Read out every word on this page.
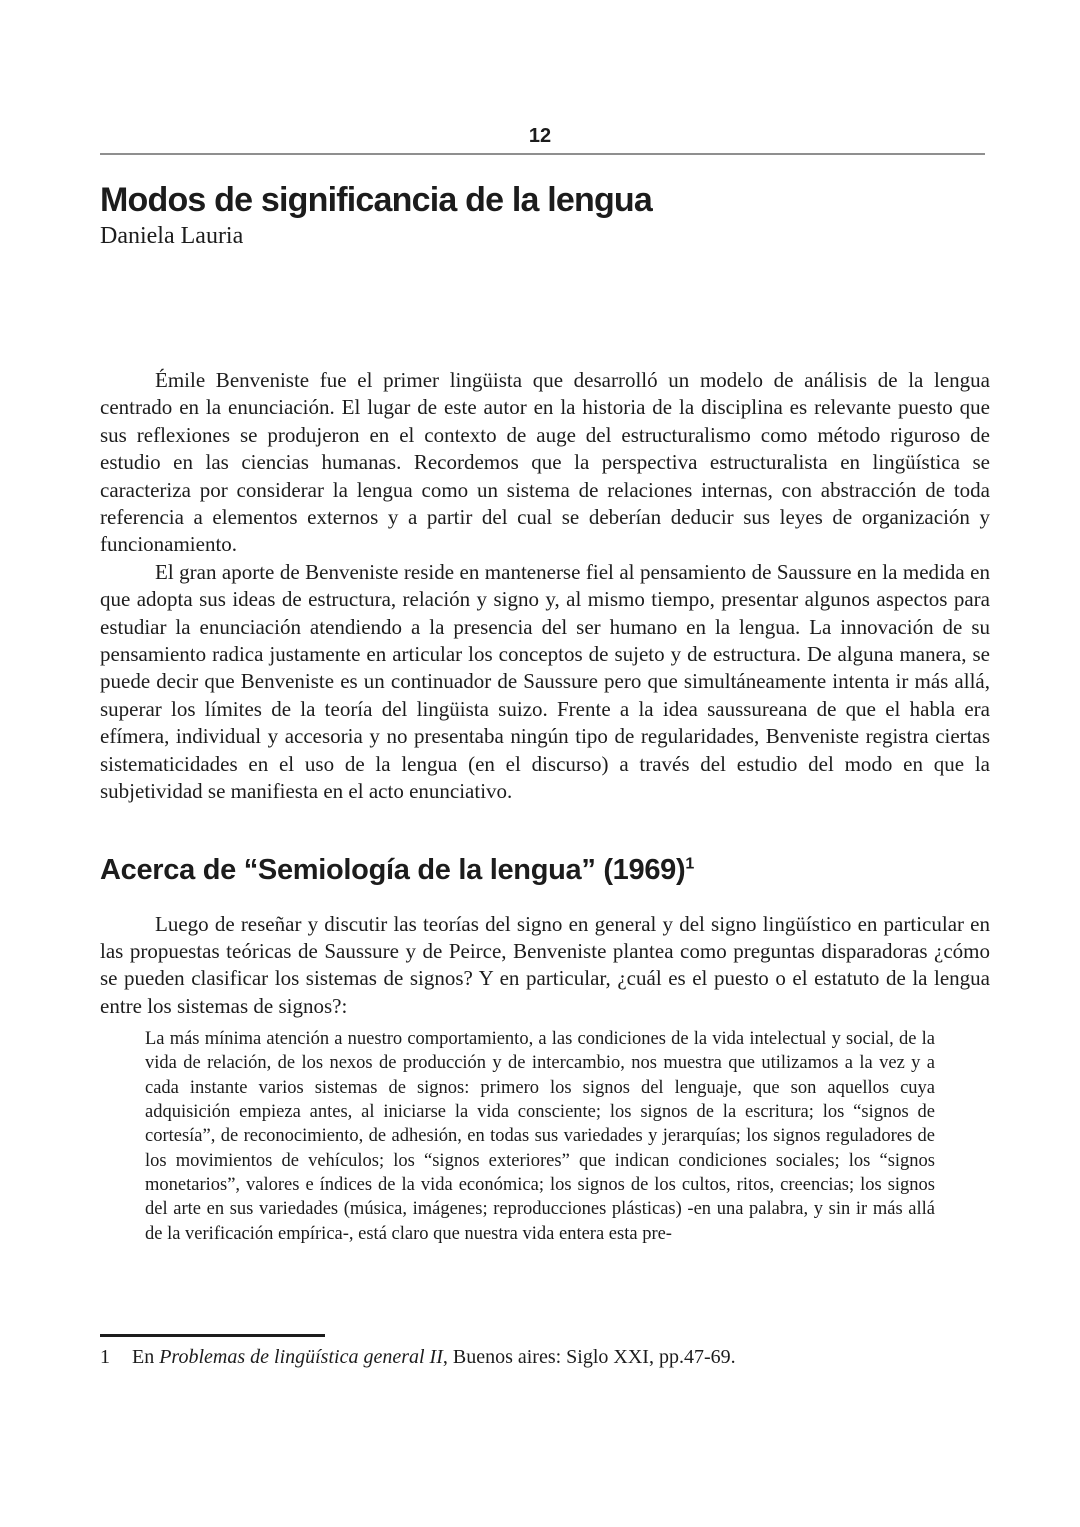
12
Modos de significancia de la lengua
Daniela Lauria

Émile Benveniste fue el primer lingüista que desarrolló un modelo de análisis de la lengua centrado en la enunciación. El lugar de este autor en la historia de la disciplina es relevante puesto que sus reflexiones se produjeron en el contexto de auge del estructuralismo como método riguroso de estudio en las ciencias humanas. Recordemos que la perspectiva estructuralista en lingüística se caracteriza por considerar la lengua como un sistema de relaciones internas, con abstracción de toda referencia a elementos externos y a partir del cual se deberían deducir sus leyes de organización y funcionamiento.

El gran aporte de Benveniste reside en mantenerse fiel al pensamiento de Saussure en la medida en que adopta sus ideas de estructura, relación y signo y, al mismo tiempo, presentar algunos aspectos para estudiar la enunciación atendiendo a la presencia del ser humano en la lengua. La innovación de su pensamiento radica justamente en articular los conceptos de sujeto y de estructura. De alguna manera, se puede decir que Benveniste es un continuador de Saussure pero que simultáneamente intenta ir más allá, superar los límites de la teoría del lingüista suizo. Frente a la idea saussureana de que el habla era efímera, individual y accesoria y no presentaba ningún tipo de regularidades, Benveniste registra ciertas sistematicidades en el uso de la lengua (en el discurso) a través del estudio del modo en que la subjetividad se manifiesta en el acto enunciativo.

Acerca de “Semiología de la lengua” $(1969)^1$

Luego de reseñar y discutir las teorías del signo en general y del signo lingüístico en particular en las propuestas teóricas de Saussure y de Peirce, Benveniste plantea como preguntas disparadoras ¿cómo se pueden clasificar los sistemas de signos? Y en particular, ¿cuál es el puesto o el estatuto de la lengua entre los sistemas de signos?:

La más mínima atención a nuestro comportamiento, a las condiciones de la vida intelectual y social, de la vida de relación, de los nexos de producción y de intercambio, nos muestra que utilizamos a la vez y a cada instante varios sistemas de signos: primero los signos del lenguaje, que son aquellos cuya adquisición empieza antes, al iniciarse la vida consciente; los signos de la escritura; los “signos de cortesía”, de reconocimiento, de adhesión, en todas sus variedades y jerarquías; los signos reguladores de los movimientos de vehículos; los “signos exteriores” que indican condiciones sociales; los “signos monetarios”, valores e índices de la vida económica; los signos de los cultos, ritos, creencias; los signos del arte en sus variedades (música, imágenes; reproducciones plásticas) -en una palabra, y sin ir más allá de la verificación empírica-, está claro que nuestra vida entera esta pre-
1 En Problemas de lingüística general II, Buenos aires: Siglo XXI, pp.47-69.
